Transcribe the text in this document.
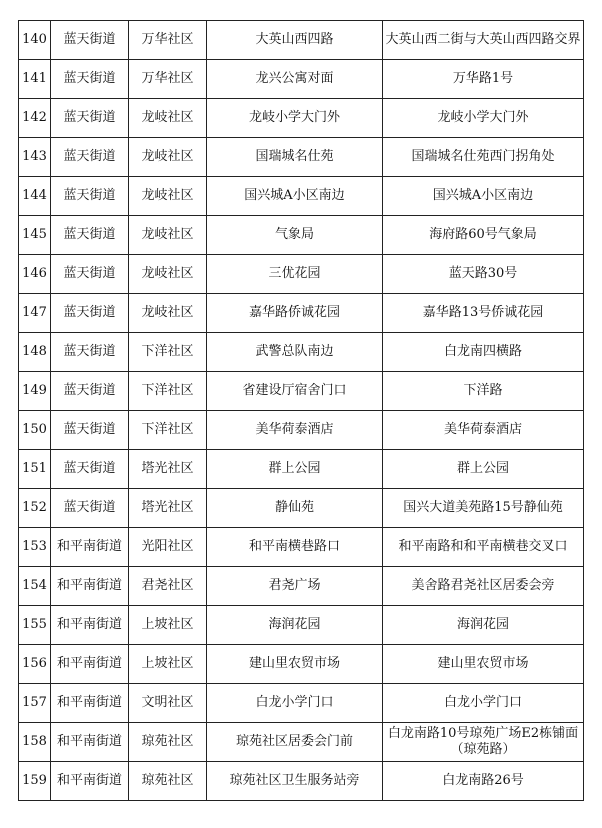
140	蓝天街道	万华社区	大英山西四路	大英山西二街与大英山西四路交界
141	蓝天街道	万华社区	龙兴公寓对面	万华路1号
142	蓝天街道	龙岐社区	龙岐小学大门外	龙岐小学大门外
143	蓝天街道	龙岐社区	国瑞城名仕苑	国瑞城名仕苑西门拐角处
144	蓝天街道	龙岐社区	国兴城A小区南边	国兴城A小区南边
145	蓝天街道	龙岐社区	气象局	海府路60号气象局
146	蓝天街道	龙岐社区	三优花园	蓝天路30号
147	蓝天街道	龙岐社区	嘉华路侨诚花园	嘉华路13号侨诚花园
148	蓝天街道	下洋社区	武警总队南边	白龙南四横路
149	蓝天街道	下洋社区	省建设厅宿舍门口	下洋路
150	蓝天街道	下洋社区	美华荷泰酒店	美华荷泰酒店
151	蓝天街道	塔光社区	群上公园	群上公园
152	蓝天街道	塔光社区	静仙苑	国兴大道美苑路15号静仙苑
153	和平南街道	光阳社区	和平南横巷路口	和平南路和和平南横巷交叉口
154	和平南街道	君尧社区	君尧广场	美舍路君尧社区居委会旁
155	和平南街道	上坡社区	海润花园	海润花园
156	和平南街道	上坡社区	建山里农贸市场	建山里农贸市场
157	和平南街道	文明社区	白龙小学门口	白龙小学门口
158	和平南街道	琼苑社区	琼苑社区居委会门前	白龙南路10号琼苑广场E2栋铺面（琼苑路）
159	和平南街道	琼苑社区	琼苑社区卫生服务站旁	白龙南路26号
